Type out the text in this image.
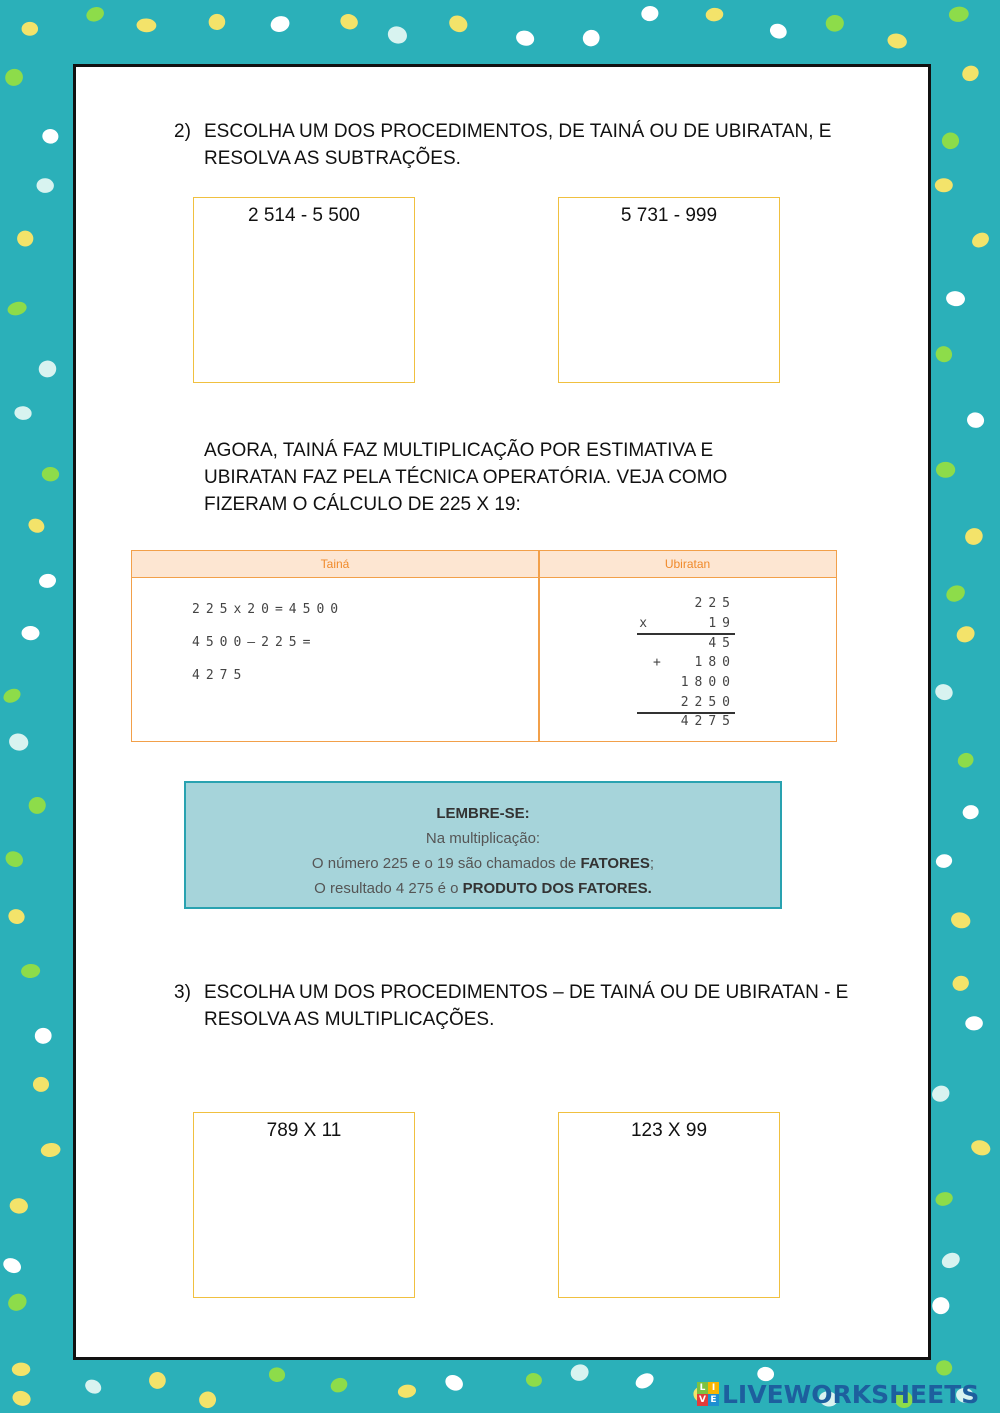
2) ESCOLHA UM DOS PROCEDIMENTOS, DE TAINÁ OU DE UBIRATAN, E RESOLVA AS SUBTRAÇÕES.
2 514 - 5 500	5 731 - 999
AGORA, TAINÁ FAZ MULTIPLICAÇÃO POR ESTIMATIVA E UBIRATAN FAZ PELA TÉCNICA OPERATÓRIA. VEJA COMO FIZERAM O CÁLCULO DE 225 X 19:
Tainá	Ubiratan
225x20=4500
4500–225=
4275
225
x    19
45
+  180
1800
2250
4275
LEMBRE-SE:
Na multiplicação:
O número 225 e o 19 são chamados de FATORES;
O resultado 4 275 é o PRODUTO DOS FATORES.
3) ESCOLHA UM DOS PROCEDIMENTOS – DE TAINÁ OU DE UBIRATAN - E RESOLVA AS MULTIPLICAÇÕES.
789 X 11	123 X 99
L I
V E LIVEWORKSHEETS
